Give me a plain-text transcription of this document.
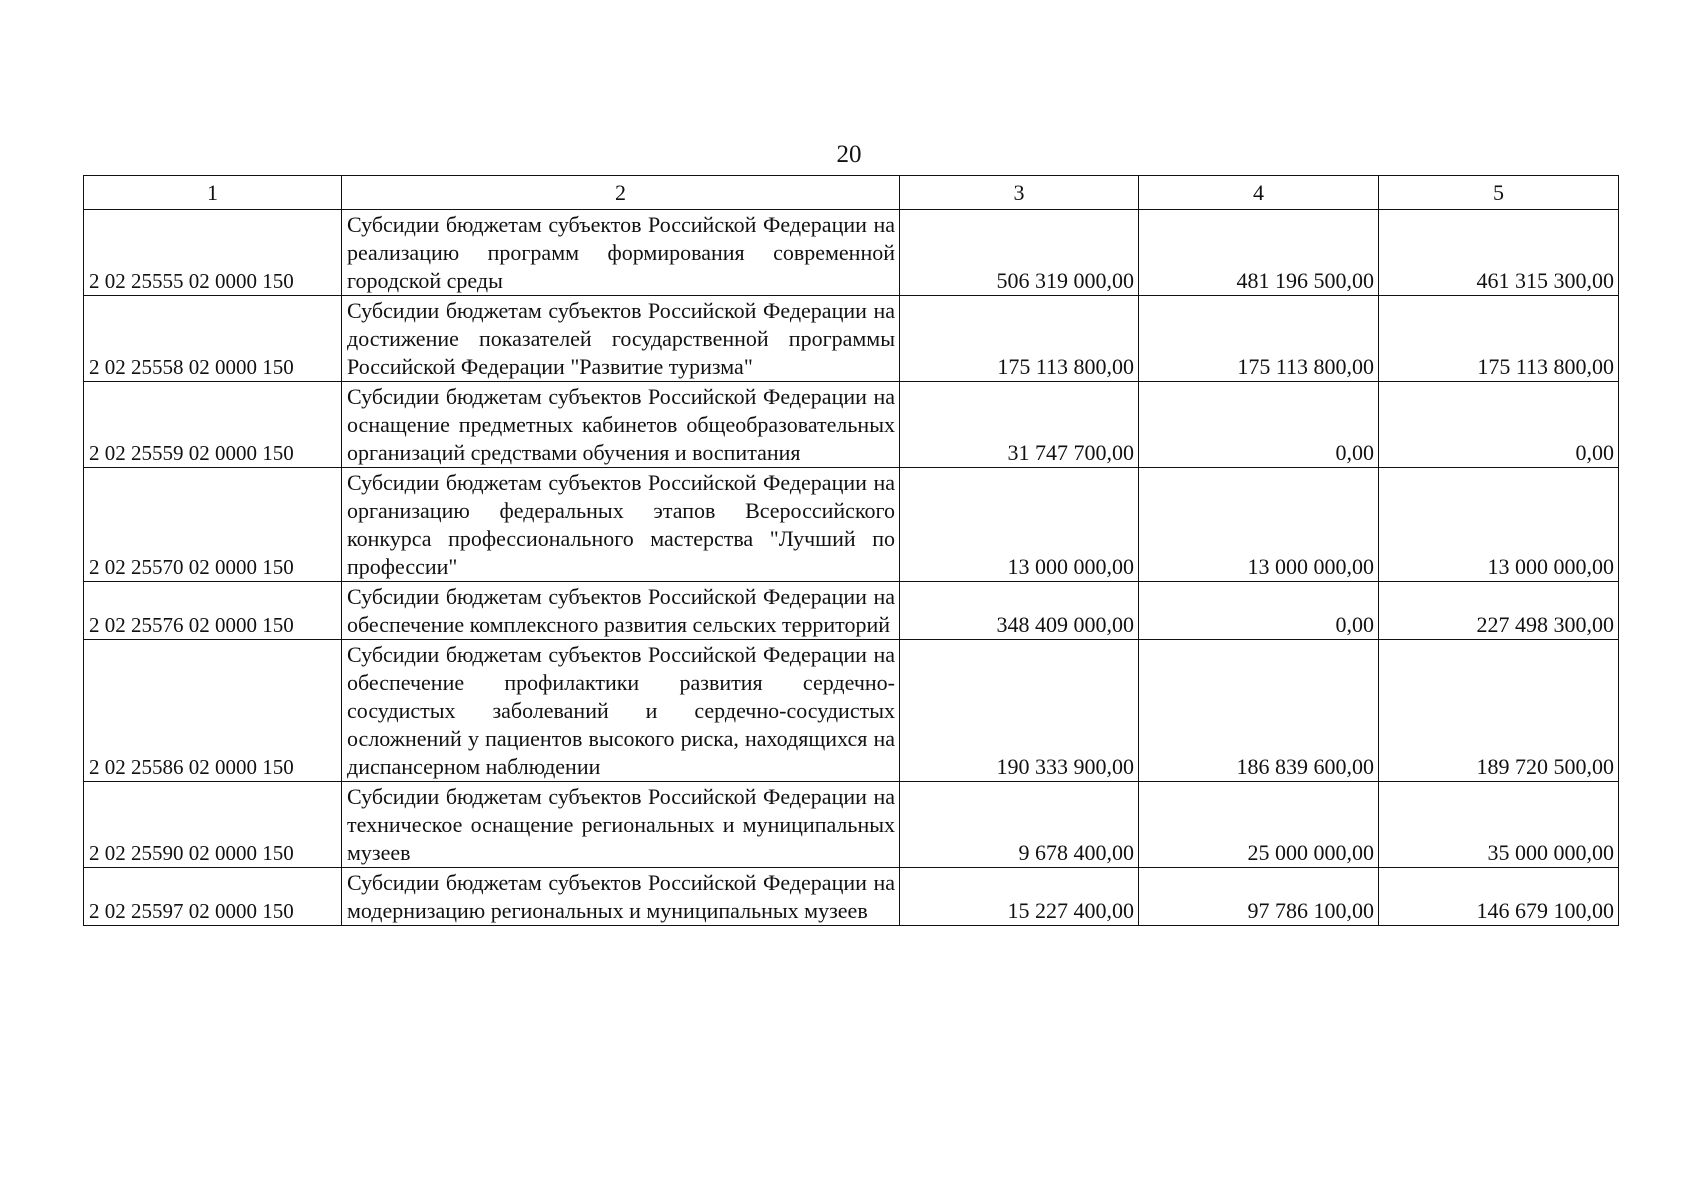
20
1	2	3	4	5
2 02 25555 02 0000 150	Субсидии бюджетам субъектов Российской Федерации на реализацию программ формирования современной городской среды	506 319 000,00	481 196 500,00	461 315 300,00
2 02 25558 02 0000 150	Субсидии бюджетам субъектов Российской Федерации на достижение показателей государственной программы Российской Федерации "Развитие туризма"	175 113 800,00	175 113 800,00	175 113 800,00
2 02 25559 02 0000 150	Субсидии бюджетам субъектов Российской Федерации на оснащение предметных кабинетов общеобразовательных организаций средствами обучения и воспитания	31 747 700,00	0,00	0,00
2 02 25570 02 0000 150	Субсидии бюджетам субъектов Российской Федерации на организацию федеральных этапов Всероссийского конкурса профессионального мастерства "Лучший по профессии"	13 000 000,00	13 000 000,00	13 000 000,00
2 02 25576 02 0000 150	Субсидии бюджетам субъектов Российской Федерации на обеспечение комплексного развития сельских территорий	348 409 000,00	0,00	227 498 300,00
2 02 25586 02 0000 150	Субсидии бюджетам субъектов Российской Федерации на обеспечение профилактики развития сердечно-сосудистых заболеваний и сердечно-сосудистых осложнений у пациентов высокого риска, находящихся на диспансерном наблюдении	190 333 900,00	186 839 600,00	189 720 500,00
2 02 25590 02 0000 150	Субсидии бюджетам субъектов Российской Федерации на техническое оснащение региональных и муниципальных музеев	9 678 400,00	25 000 000,00	35 000 000,00
2 02 25597 02 0000 150	Субсидии бюджетам субъектов Российской Федерации на модернизацию региональных и муниципальных музеев	15 227 400,00	97 786 100,00	146 679 100,00
